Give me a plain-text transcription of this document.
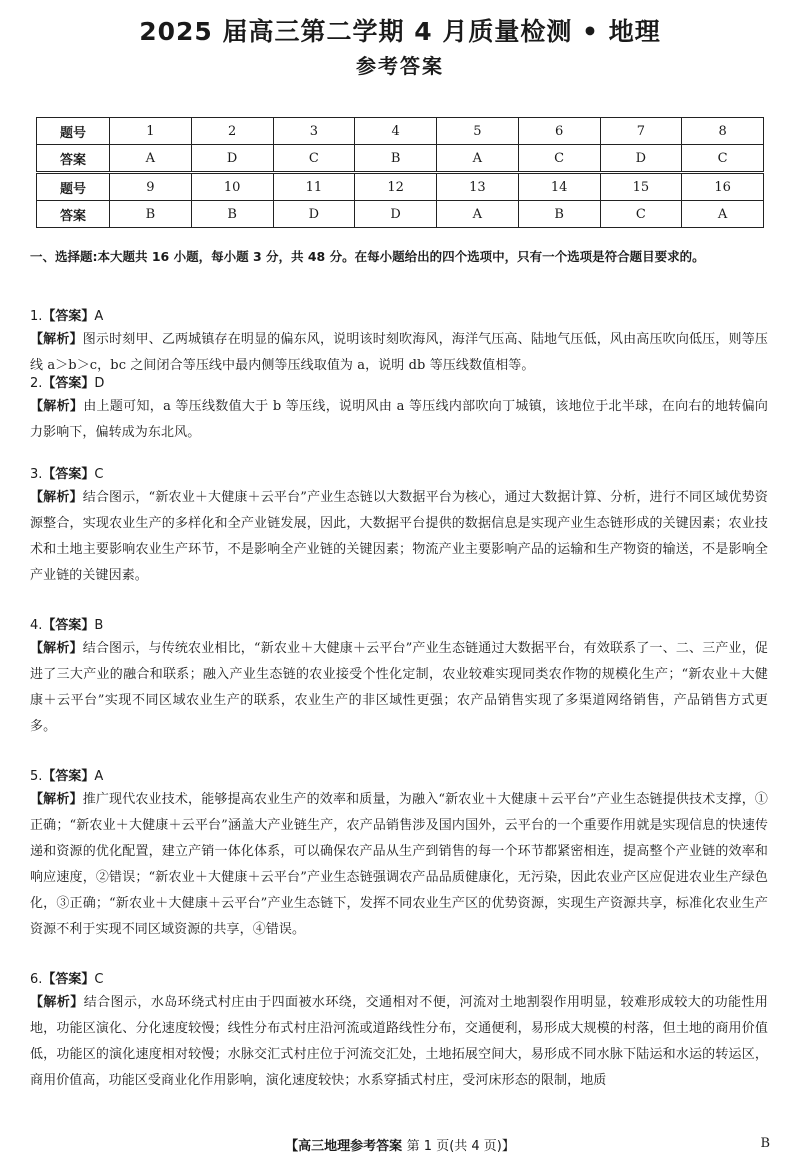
2025 届高三第二学期 4 月质量检测 • 地理
参考答案
题号	1	2	3	4	5	6	7	8
答案	A	D	C	B	A	C	D	C
题号	9	10	11	12	13	14	15	16
答案	B	B	D	D	A	B	C	A
一、选择题:本大题共 16 小题，每小题 3 分，共 48 分。在每小题给出的四个选项中，只有一个选项是符合题目要求的。
1.【答案】A
【解析】图示时刻甲、乙两城镇存在明显的偏东风，说明该时刻吹海风，海洋气压高、陆地气压低，风由高压吹向低压，则等压线 a＞b＞c，bc 之间闭合等压线中最内侧等压线取值为 a，说明 db 等压线数值相等。
2.【答案】D
【解析】由上题可知，a 等压线数值大于 b 等压线，说明风由 a 等压线内部吹向丁城镇，该地位于北半球，在向右的地转偏向力影响下，偏转成为东北风。
3.【答案】C
【解析】结合图示，“新农业＋大健康＋云平台”产业生态链以大数据平台为核心，通过大数据计算、分析，进行不同区域优势资源整合，实现农业生产的多样化和全产业链发展，因此，大数据平台提供的数据信息是实现产业生态链形成的关键因素；农业技术和土地主要影响农业生产环节，不是影响全产业链的关键因素；物流产业主要影响产品的运输和生产物资的输送，不是影响全产业链的关键因素。
4.【答案】B
【解析】结合图示，与传统农业相比，“新农业＋大健康＋云平台”产业生态链通过大数据平台，有效联系了一、二、三产业，促进了三大产业的融合和联系；融入产业生态链的农业接受个性化定制，农业较难实现同类农作物的规模化生产；“新农业＋大健康＋云平台”实现不同区域农业生产的联系，农业生产的非区域性更强；农产品销售实现了多渠道网络销售，产品销售方式更多。
5.【答案】A
【解析】推广现代农业技术，能够提高农业生产的效率和质量，为融入“新农业＋大健康＋云平台”产业生态链提供技术支撑，①正确；“新农业＋大健康＋云平台”涵盖大产业链生产，农产品销售涉及国内国外，云平台的一个重要作用就是实现信息的快速传递和资源的优化配置，建立产销一体化体系，可以确保农产品从生产到销售的每一个环节都紧密相连，提高整个产业链的效率和响应速度，②错误；“新农业＋大健康＋云平台”产业生态链强调农产品品质健康化，无污染，因此农业产区应促进农业生产绿色化，③正确；“新农业＋大健康＋云平台”产业生态链下，发挥不同农业生产区的优势资源，实现生产资源共享，标准化农业生产资源不利于实现不同区域资源的共享，④错误。
6.【答案】C
【解析】结合图示，水岛环绕式村庄由于四面被水环绕，交通相对不便，河流对土地割裂作用明显，较难形成较大的功能性用地，功能区演化、分化速度较慢；线性分布式村庄沿河流或道路线性分布，交通便利，易形成大规模的村落，但土地的商用价值低，功能区的演化速度相对较慢；水脉交汇式村庄位于河流交汇处，土地拓展空间大，易形成不同水脉下陆运和水运的转运区，商用价值高，功能区受商业化作用影响，演化速度较快；水系穿插式村庄，受河床形态的限制，地质
【高三地理参考答案 第 1 页(共 4 页)】	B
